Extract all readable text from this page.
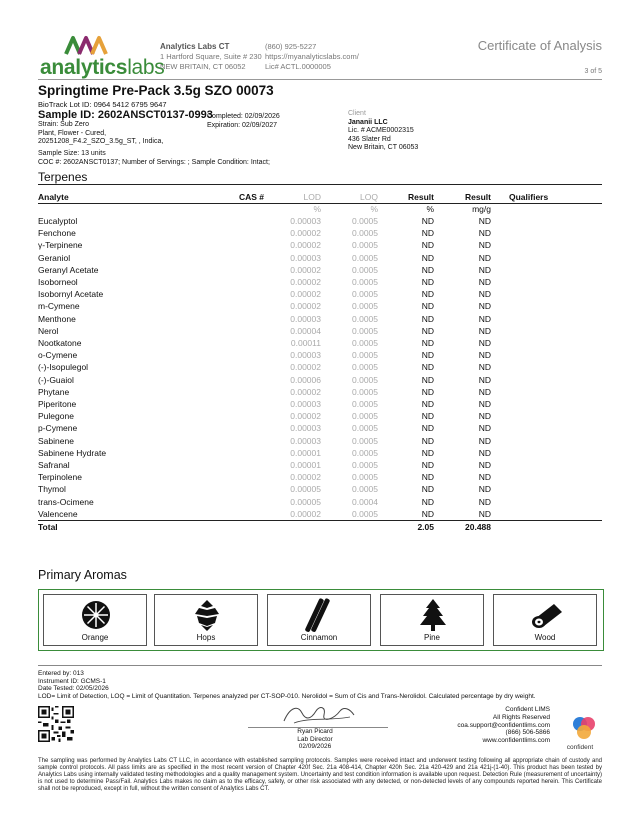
analyticslabs
Analytics Labs CT
1 Hartford Square, Suite # 230
NEW BRITAIN, CT 06052
(860) 925-5227
https://myanalyticslabs.com/
Lic# ACTL.0000005
Certificate of Analysis
3 of 5
Springtime Pre-Pack 3.5g SZO 00073
BioTrack Lot ID: 0964 5412 6795 9647
Sample ID: 2602ANSCT0137-0993
Completed: 02/09/2026
Expiration: 02/09/2027
Strain: Sub Zero
Plant, Flower - Cured,
20251208_F4.2_SZO_3.5g_ST, , Indica,
Client
Jananii LLC
Lic. # ACME0002315
436 Slater Rd
New Britain, CT 06053
Sample Size: 13 units
COC #: 2602ANSCT0137; Number of Servings: ; Sample Condition: Intact;
Terpenes
Analyte	CAS #	LOD	LOQ	Result	Result	Qualifiers
		%	%	%	mg/g	
Eucalyptol		0.00003	0.0005	ND	ND	
Fenchone		0.00002	0.0005	ND	ND	
γ-Terpinene		0.00002	0.0005	ND	ND	
Geraniol		0.00003	0.0005	ND	ND	
Geranyl Acetate		0.00002	0.0005	ND	ND	
Isoborneol		0.00002	0.0005	ND	ND	
Isobornyl Acetate		0.00002	0.0005	ND	ND	
m-Cymene		0.00002	0.0005	ND	ND	
Menthone		0.00003	0.0005	ND	ND	
Nerol		0.00004	0.0005	ND	ND	
Nootkatone		0.00011	0.0005	ND	ND	
o-Cymene		0.00003	0.0005	ND	ND	
(-)-Isopulegol		0.00002	0.0005	ND	ND	
(-)-Guaiol		0.00006	0.0005	ND	ND	
Phytane		0.00002	0.0005	ND	ND	
Piperitone		0.00003	0.0005	ND	ND	
Pulegone		0.00002	0.0005	ND	ND	
p-Cymene		0.00003	0.0005	ND	ND	
Sabinene		0.00003	0.0005	ND	ND	
Sabinene Hydrate		0.00001	0.0005	ND	ND	
Safranal		0.00001	0.0005	ND	ND	
Terpinolene		0.00002	0.0005	ND	ND	
Thymol		0.00005	0.0005	ND	ND	
trans-Ocimene		0.00005	0.0004	ND	ND	
Valencene		0.00002	0.0005	ND	ND	
Total				2.05	20.488	
Primary Aromas
Orange	Hops	Cinnamon	Pine	Wood
Entered by: 013
Instrument ID: GCMS-1
Date Tested: 02/05/2026
LOD= Limit of Detection, LOQ = Limit of Quantitation. Terpenes analyzed per CT-SOP-010. Nerolidol = Sum of Cis and Trans-Nerolidol. Calculated percentage by dry weight.
Ryan Picard
Lab Director
02/09/2026
Confident LIMS
All Rights Reserved
coa.support@confidentlims.com
(866) 506-5866
www.confidentlims.com
confident
The sampling was performed by Analytics Labs CT LLC, in accordance with established sampling protocols. Samples were received intact and underwent testing following all appropriate chain of custody and sample control protocols. All pass limits are as specified in the most recent version of Chapter 420f Sec. 21a 408-414, Chapter 420h Sec. 21a 420-429 and 21a 421j-(1-40). This product has been tested by Analytics Labs using internally validated testing methodologies and a quality management system. Uncertainty and test condition information is available upon request. Detection Rule (measurement of uncertainty) is not used to determine Pass/Fail. Analytics Labs makes no claim as to the efficacy, safety, or other risk associated with any detected, or non-detected levels of any compounds reported herein. This Certificate shall not be reproduced, except in full, without the written consent of Analytics Labs CT.
